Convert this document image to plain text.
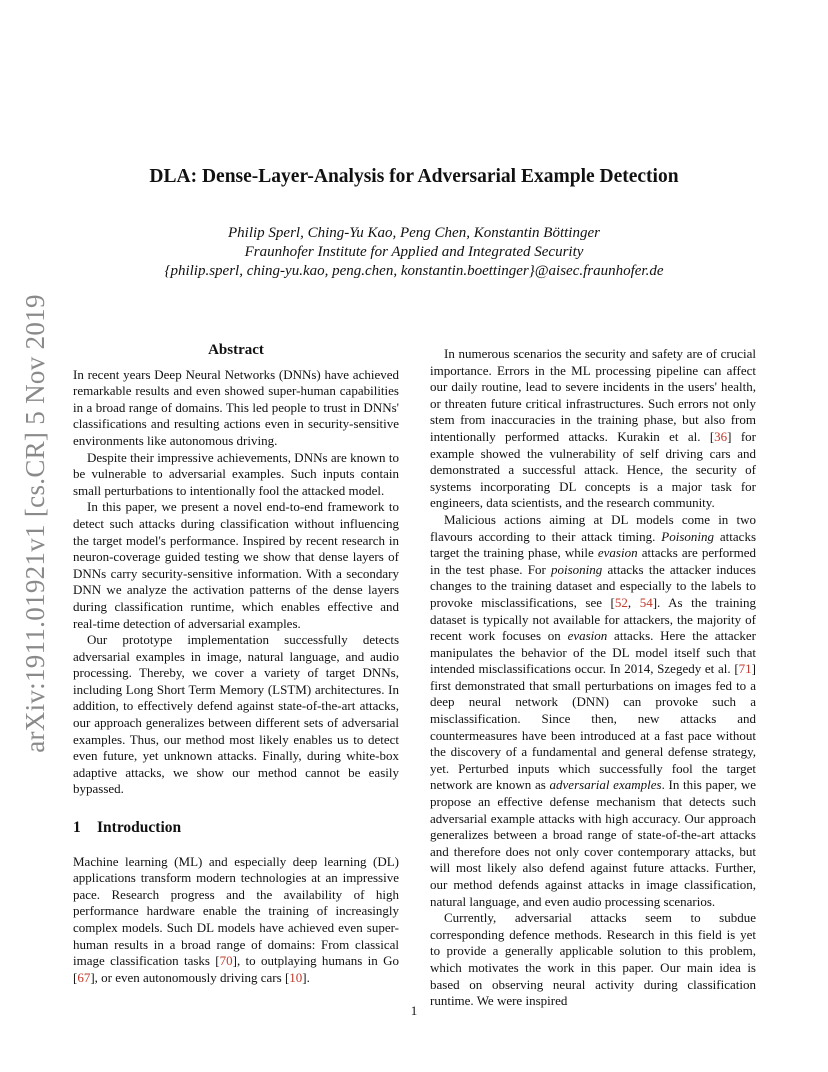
arXiv:1911.01921v1 [cs.CR] 5 Nov 2019
DLA: Dense-Layer-Analysis for Adversarial Example Detection
Philip Sperl, Ching-Yu Kao, Peng Chen, Konstantin Böttinger
Fraunhofer Institute for Applied and Integrated Security
{philip.sperl, ching-yu.kao, peng.chen, konstantin.boettinger}@aisec.fraunhofer.de
Abstract

In recent years Deep Neural Networks (DNNs) have achieved remarkable results and even showed super-human capabilities in a broad range of domains. This led people to trust in DNNs' classifications and resulting actions even in security-sensitive environments like autonomous driving.

Despite their impressive achievements, DNNs are known to be vulnerable to adversarial examples. Such inputs contain small perturbations to intentionally fool the attacked model.

In this paper, we present a novel end-to-end framework to detect such attacks during classification without influencing the target model's performance. Inspired by recent research in neuron-coverage guided testing we show that dense layers of DNNs carry security-sensitive information. With a secondary DNN we analyze the activation patterns of the dense layers during classification runtime, which enables effective and real-time detection of adversarial examples.

Our prototype implementation successfully detects adversarial examples in image, natural language, and audio processing. Thereby, we cover a variety of target DNNs, including Long Short Term Memory (LSTM) architectures. In addition, to effectively defend against state-of-the-art attacks, our approach generalizes between different sets of adversarial examples. Thus, our method most likely enables us to detect even future, yet unknown attacks. Finally, during white-box adaptive attacks, we show our method cannot be easily bypassed.

1 Introduction

Machine learning (ML) and especially deep learning (DL) applications transform modern technologies at an impressive pace. Research progress and the availability of high performance hardware enable the training of increasingly complex models. Such DL models have achieved even super-human results in a broad range of domains: From classical image classification tasks [70], to outplaying humans in Go [67], or even autonomously driving cars [10].

In numerous scenarios the security and safety are of crucial importance. Errors in the ML processing pipeline can affect our daily routine, lead to severe incidents in the users' health, or threaten future critical infrastructures. Such errors not only stem from inaccuracies in the training phase, but also from intentionally performed attacks. Kurakin et al. [36] for example showed the vulnerability of self driving cars and demonstrated a successful attack. Hence, the security of systems incorporating DL concepts is a major task for engineers, data scientists, and the research community.

Malicious actions aiming at DL models come in two flavours according to their attack timing. Poisoning attacks target the training phase, while evasion attacks are performed in the test phase. For poisoning attacks the attacker induces changes to the training dataset and especially to the labels to provoke misclassifications, see [52, 54]. As the training dataset is typically not available for attackers, the majority of recent work focuses on evasion attacks. Here the attacker manipulates the behavior of the DL model itself such that intended misclassifications occur. In 2014, Szegedy et al. [71] first demonstrated that small perturbations on images fed to a deep neural network (DNN) can provoke such a misclassification. Since then, new attacks and countermeasures have been introduced at a fast pace without the discovery of a fundamental and general defense strategy, yet. Perturbed inputs which successfully fool the target network are known as adversarial examples. In this paper, we propose an effective defense mechanism that detects such adversarial example attacks with high accuracy. Our approach generalizes between a broad range of state-of-the-art attacks and therefore does not only cover contemporary attacks, but will most likely also defend against future attacks. Further, our method defends against attacks in image classification, natural language, and even audio processing scenarios.

Currently, adversarial attacks seem to subdue corresponding defence methods. Research in this field is yet to provide a generally applicable solution to this problem, which motivates the work in this paper. Our main idea is based on observing neural activity during classification runtime. We were inspired

1
